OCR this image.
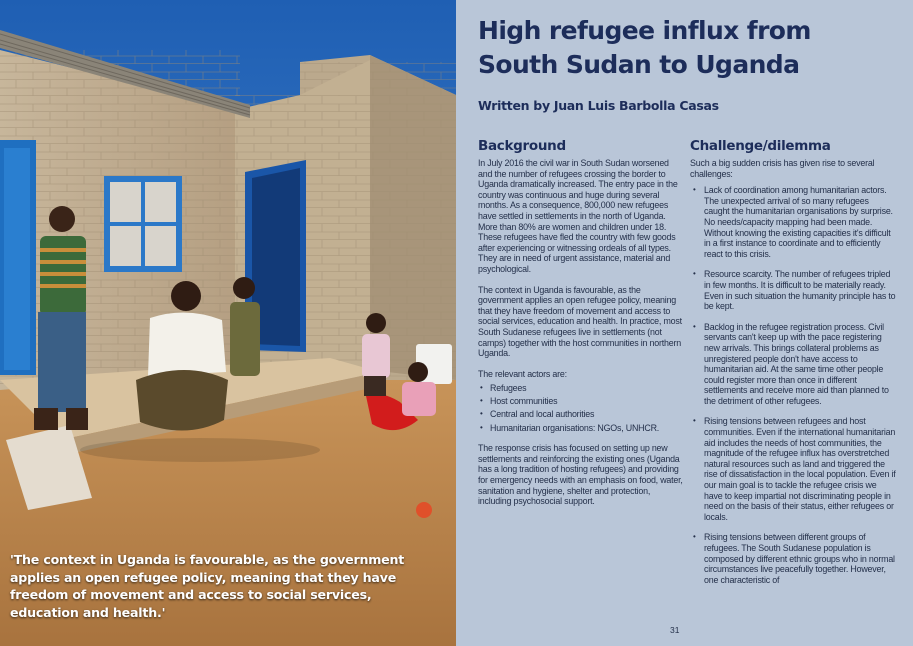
'The context in Uganda is favourable, as the government applies an open refugee policy, meaning that they have freedom of movement and access to social services, education and health.'
High refugee influx from South Sudan to Uganda
Written by Juan Luis Barbolla Casas
Background
In July 2016 the civil war in South Sudan worsened and the number of refugees crossing the border to Uganda dramatically increased. The entry pace in the country was continuous and huge during several months. As a consequence, 800,000 new refugees have settled in settlements in the north of Uganda. More than 80% are women and children under 18. These refugees have fled the country with few goods after experiencing or witnessing ordeals of all types. They are in need of urgent assistance, material and psychological.
The context in Uganda is favourable, as the government applies an open refugee policy, meaning that they have freedom of movement and access to social services, education and health. In practice, most South Sudanese refugees live in settlements (not camps) together with the host communities in northern Uganda.
The relevant actors are:
• Refugees
• Host communities
• Central and local authorities
• Humanitarian organisations: NGOs, UNHCR.
The response crisis has focused on setting up new settlements and reinforcing the existing ones (Uganda has a long tradition of hosting refugees) and providing for emergency needs with an emphasis on food, water, sanitation and hygiene, shelter and protection, including psychosocial support.
Challenge/dilemma
Such a big sudden crisis has given rise to several challenges:
• Lack of coordination among humanitarian actors. The unexpected arrival of so many refugees caught the humanitarian organisations by surprise. No needs/capacity mapping had been made. Without knowing the existing capacities it's difficult in a first instance to coordinate and to efficiently react to this crisis.
• Resource scarcity. The number of refugees tripled in few months. It is difficult to be materially ready. Even in such situation the humanity principle has to be kept.
• Backlog in the refugee registration process. Civil servants can't keep up with the pace registering new arrivals. This brings collateral problems as unregistered people don't have access to humanitarian aid. At the same time other people could register more than once in different settlements and receive more aid than planned to the detriment of other refugees.
• Rising tensions between refugees and host communities. Even if the international humanitarian aid includes the needs of host communities, the magnitude of the refugee influx has overstretched natural resources such as land and triggered the rise of dissatisfaction in the local population. Even if our main goal is to tackle the refugee crisis we have to keep impartial not discriminating people in need on the basis of their status, either refugees or locals.
• Rising tensions between different groups of refugees. The South Sudanese population is composed by different ethnic groups who in normal circumstances live peacefully together. However, one characteristic of
31
